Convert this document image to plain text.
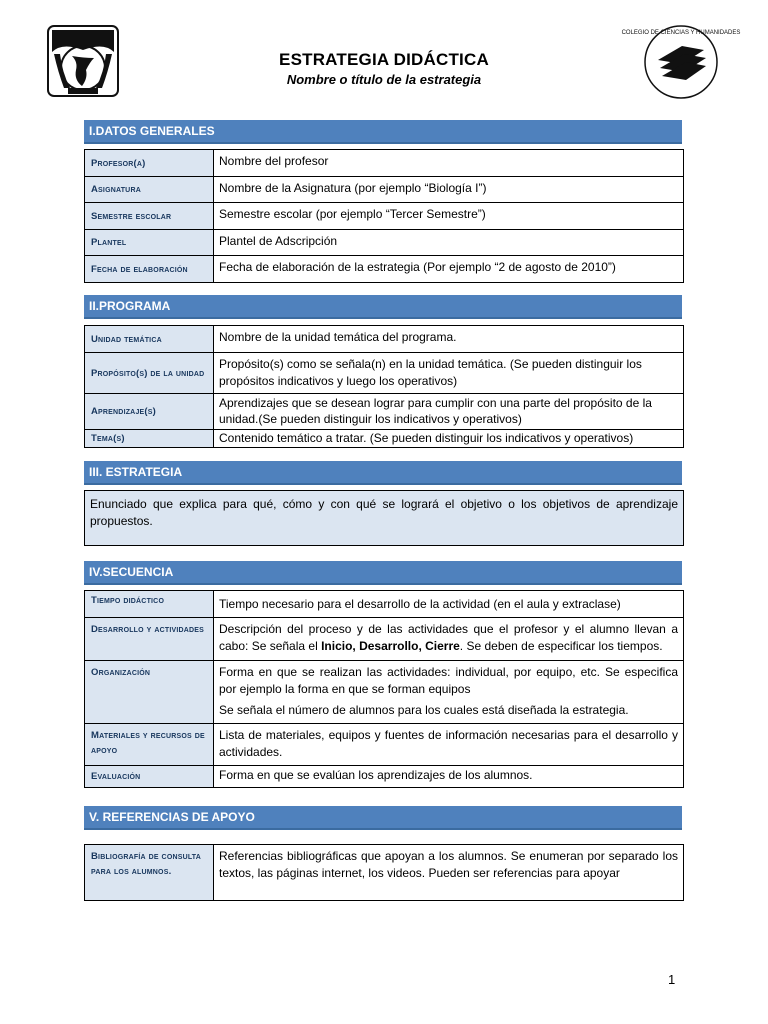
COLEGIO DE CIENCIAS Y HUMANIDADES
ESTRATEGIA DIDÁCTICA
Nombre o título de la estrategia
I.DATOS GENERALES
Profesor(a)	Nombre del profesor
Asignatura	Nombre de la Asignatura (por ejemplo “Biología I”)
Semestre escolar	Semestre escolar (por ejemplo “Tercer Semestre”)
Plantel	Plantel de Adscripción
Fecha de elaboración	Fecha de elaboración de la estrategia (Por ejemplo “2 de agosto de 2010”)
II.PROGRAMA
Unidad temática	Nombre de la unidad temática del programa.
Propósito(s) de la unidad	Propósito(s) como se señala(n) en la unidad temática. (Se pueden distinguir los propósitos indicativos y luego los operativos)
Aprendizaje(s)	Aprendizajes que se desean lograr para cumplir con una parte del propósito de la unidad.(Se pueden distinguir los indicativos y operativos)
Tema(s)	Contenido temático a tratar. (Se pueden distinguir los indicativos y operativos)
III. ESTRATEGIA
Enunciado que explica para qué, cómo y con qué se logrará el objetivo o los objetivos de aprendizaje propuestos.
IV.SECUENCIA
Tiempo didáctico	Tiempo necesario para el desarrollo de la actividad (en el aula y extraclase)
Desarrollo y actividades	Descripción del proceso y de las actividades que el profesor y el alumno llevan a cabo: Se señala el Inicio, Desarrollo, Cierre. Se deben de especificar los tiempos.
Organización	Forma en que se realizan las actividades: individual, por equipo, etc. Se especifica por ejemplo la forma en que se forman equipos
Se señala el número de alumnos para los cuales está diseñada la estrategia.

Materiales y recursos de apoyo	Lista de materiales, equipos y fuentes de información necesarias para el desarrollo y actividades.
Evaluación	Forma en que se evalúan los aprendizajes de los alumnos.
V. REFERENCIAS DE APOYO
Bibliografía de consulta para los alumnos.	Referencias bibliográficas que apoyan a los alumnos. Se enumeran por separado los textos, las páginas internet, los videos. Pueden ser referencias para apoyar
1
